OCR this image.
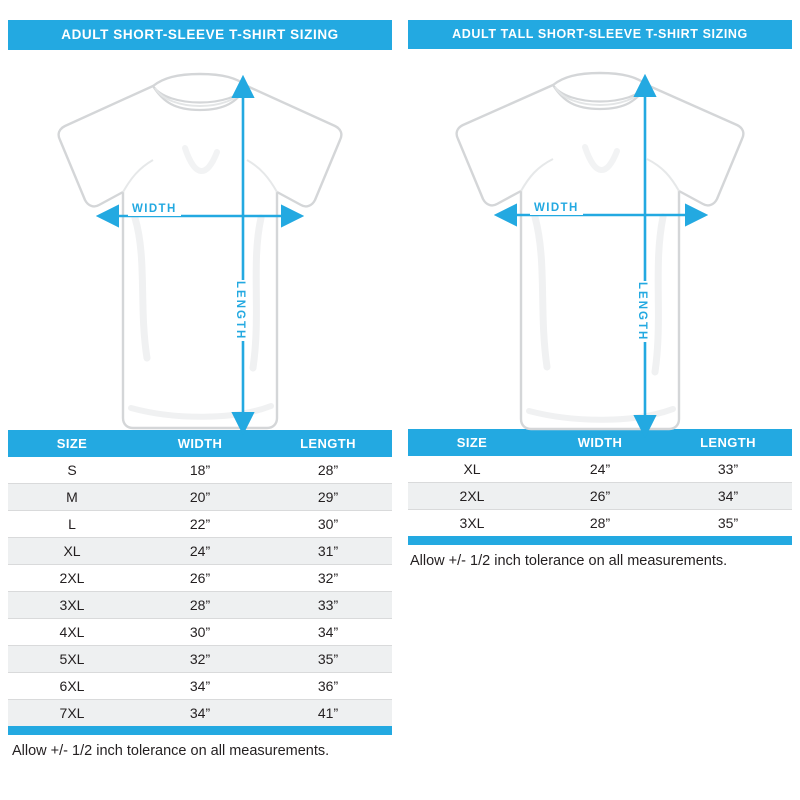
ADULT SHORT-SLEEVE T-SHIRT SIZING
WIDTH
LENGTH
SIZE	WIDTH	LENGTH
S	18”	28”
M	20”	29”
L	22”	30”
XL	24”	31”
2XL	26”	32”
3XL	28”	33”
4XL	30”	34”
5XL	32”	35”
6XL	34”	36”
7XL	34”	41”
Allow +/- 1/2 inch tolerance on all measurements.
ADULT TALL SHORT-SLEEVE T-SHIRT SIZING
WIDTH
LENGTH
SIZE	WIDTH	LENGTH
XL	24”	33”
2XL	26”	34”
3XL	28”	35”
Allow +/- 1/2 inch tolerance on all measurements.
